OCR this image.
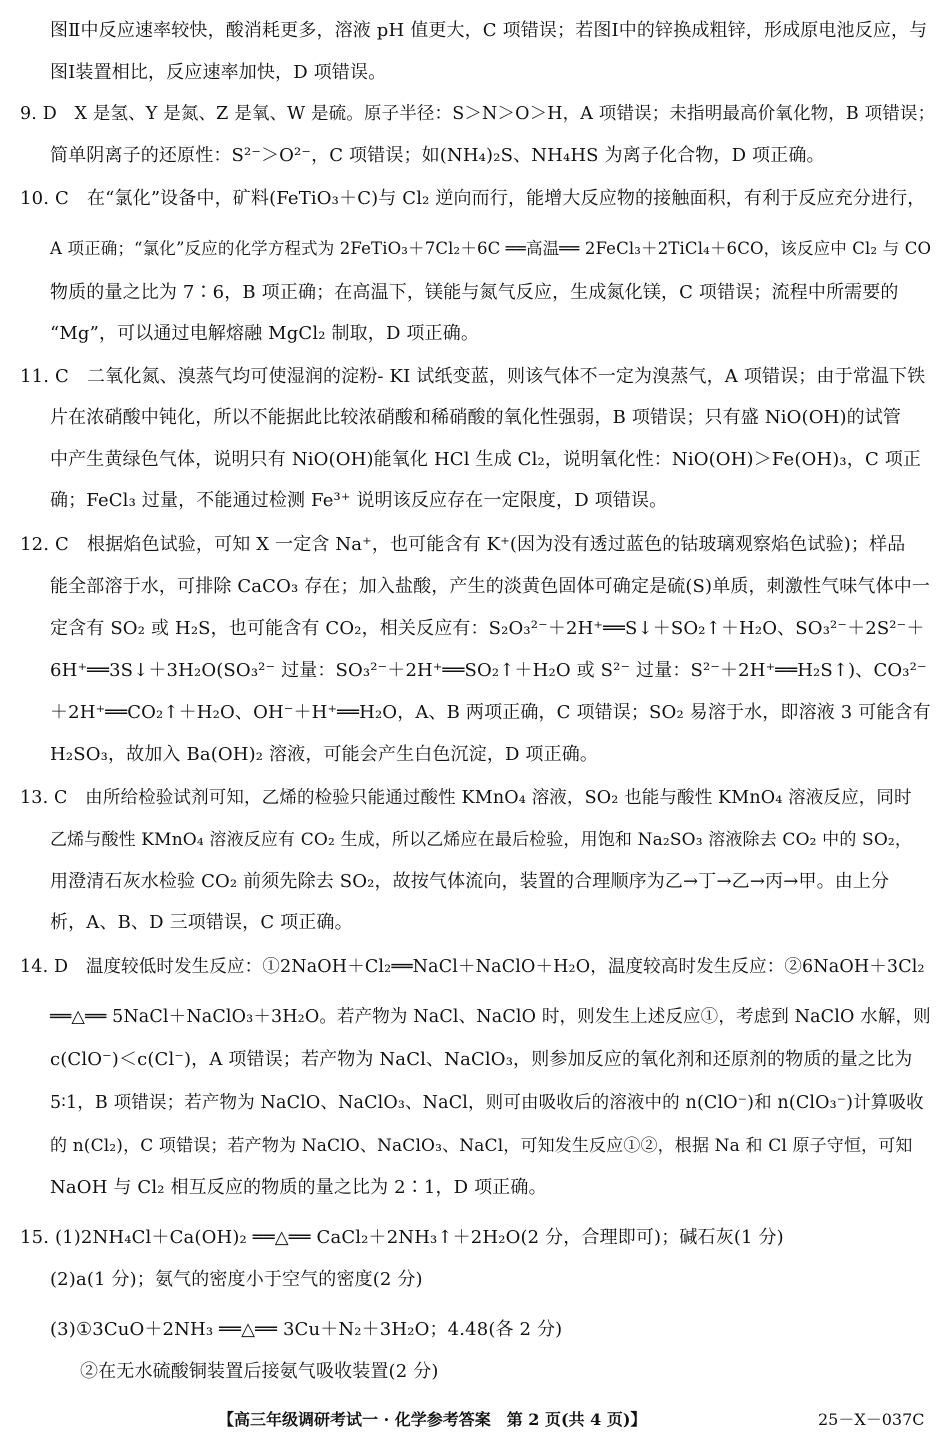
图Ⅱ中反应速率较快，酸消耗更多，溶液 pH 值更大，C 项错误；若图Ⅰ中的锌换成粗锌，形成原电池反应，与
图Ⅰ装置相比，反应速率加快，D 项错误。
9. D　X 是氢、Y 是氮、Z 是氧、W 是硫。原子半径：S＞N＞O＞H，A 项错误；未指明最高价氧化物，B 项错误；
简单阴离子的还原性：S²⁻＞O²⁻，C 项错误；如(NH₄)₂S、NH₄HS 为离子化合物，D 项正确。
10. C　在“氯化”设备中，矿料(FeTiO₃＋C)与 Cl₂ 逆向而行，能增大反应物的接触面积，有利于反应充分进行，
A 项正确；“氯化”反应的化学方程式为 2FeTiO₃＋7Cl₂＋6C ══高温══ 2FeCl₃＋2TiCl₄＋6CO，该反应中 Cl₂ 与 CO
物质的量之比为 7∶6，B 项正确；在高温下，镁能与氮气反应，生成氮化镁，C 项错误；流程中所需要的
“Mg”，可以通过电解熔融 MgCl₂ 制取，D 项正确。
11. C　二氧化氮、溴蒸气均可使湿润的淀粉- KI 试纸变蓝，则该气体不一定为溴蒸气，A 项错误；由于常温下铁
片在浓硝酸中钝化，所以不能据此比较浓硝酸和稀硝酸的氧化性强弱，B 项错误；只有盛 NiO(OH)的试管
中产生黄绿色气体，说明只有 NiO(OH)能氧化 HCl 生成 Cl₂，说明氧化性：NiO(OH)＞Fe(OH)₃，C 项正
确；FeCl₃ 过量，不能通过检测 Fe³⁺ 说明该反应存在一定限度，D 项错误。
12. C　根据焰色试验，可知 X 一定含 Na⁺，也可能含有 K⁺(因为没有透过蓝色的钴玻璃观察焰色试验)；样品
能全部溶于水，可排除 CaCO₃ 存在；加入盐酸，产生的淡黄色固体可确定是硫(S)单质，刺激性气味气体中一
定含有 SO₂ 或 H₂S，也可能含有 CO₂，相关反应有：S₂O₃²⁻＋2H⁺══S↓＋SO₂↑＋H₂O、SO₃²⁻＋2S²⁻＋
6H⁺══3S↓＋3H₂O(SO₃²⁻ 过量：SO₃²⁻＋2H⁺══SO₂↑＋H₂O 或 S²⁻ 过量：S²⁻＋2H⁺══H₂S↑)、CO₃²⁻
＋2H⁺══CO₂↑＋H₂O、OH⁻＋H⁺══H₂O，A、B 两项正确，C 项错误；SO₂ 易溶于水，即溶液 3 可能含有
H₂SO₃，故加入 Ba(OH)₂ 溶液，可能会产生白色沉淀，D 项正确。
13. C　由所给检验试剂可知，乙烯的检验只能通过酸性 KMnO₄ 溶液，SO₂ 也能与酸性 KMnO₄ 溶液反应，同时
乙烯与酸性 KMnO₄ 溶液反应有 CO₂ 生成，所以乙烯应在最后检验，用饱和 Na₂SO₃ 溶液除去 CO₂ 中的 SO₂，
用澄清石灰水检验 CO₂ 前须先除去 SO₂，故按气体流向，装置的合理顺序为乙→丁→乙→丙→甲。由上分
析，A、B、D 三项错误，C 项正确。
14. D　温度较低时发生反应：①2NaOH＋Cl₂══NaCl＋NaClO＋H₂O，温度较高时发生反应：②6NaOH＋3Cl₂
══△══ 5NaCl＋NaClO₃＋3H₂O。若产物为 NaCl、NaClO 时，则发生上述反应①，考虑到 NaClO 水解，则
c(ClO⁻)＜c(Cl⁻)，A 项错误；若产物为 NaCl、NaClO₃，则参加反应的氧化剂和还原剂的物质的量之比为
5∶1，B 项错误；若产物为 NaClO、NaClO₃、NaCl，则可由吸收后的溶液中的 n(ClO⁻)和 n(ClO₃⁻)计算吸收
的 n(Cl₂)，C 项错误；若产物为 NaClO、NaClO₃、NaCl，可知发生反应①②，根据 Na 和 Cl 原子守恒，可知
NaOH 与 Cl₂ 相互反应的物质的量之比为 2∶1，D 项正确。
15. (1)2NH₄Cl＋Ca(OH)₂ ══△══ CaCl₂＋2NH₃↑＋2H₂O(2 分，合理即可)；碱石灰(1 分)
(2)a(1 分)；氨气的密度小于空气的密度(2 分)
(3)①3CuO＋2NH₃ ══△══ 3Cu＋N₂＋3H₂O；4.48(各 2 分)
②在无水硫酸铜装置后接氨气吸收装置(2 分)
【高三年级调研考试一 · 化学参考答案　第 2 页(共 4 页)】	25－X－037C
